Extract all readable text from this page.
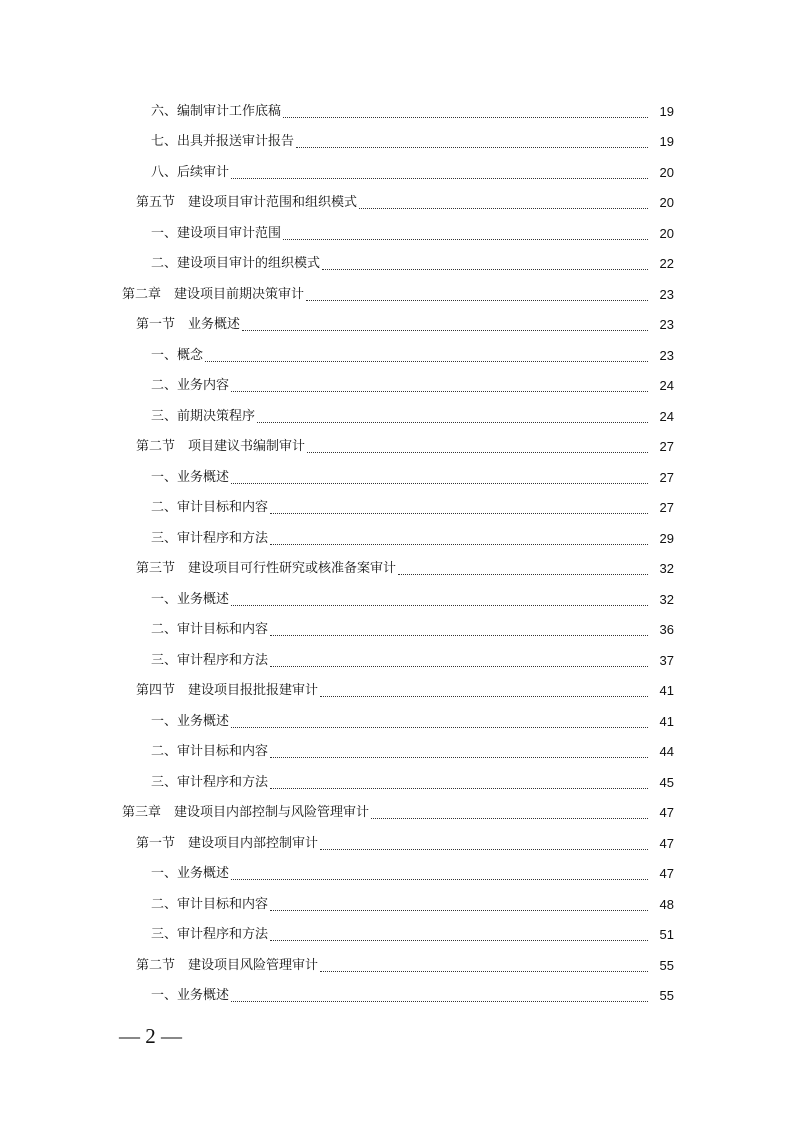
六、编制审计工作底稿	19
七、出具并报送审计报告	19
八、后续审计	20
第五节　建设项目审计范围和组织模式	20
一、建设项目审计范围	20
二、建设项目审计的组织模式	22
第二章　建设项目前期决策审计	23
第一节　业务概述	23
一、概念	23
二、业务内容	24
三、前期决策程序	24
第二节　项目建议书编制审计	27
一、业务概述	27
二、审计目标和内容	27
三、审计程序和方法	29
第三节　建设项目可行性研究或核准备案审计	32
一、业务概述	32
二、审计目标和内容	36
三、审计程序和方法	37
第四节　建设项目报批报建审计	41
一、业务概述	41
二、审计目标和内容	44
三、审计程序和方法	45
第三章　建设项目内部控制与风险管理审计	47
第一节　建设项目内部控制审计	47
一、业务概述	47
二、审计目标和内容	48
三、审计程序和方法	51
第二节　建设项目风险管理审计	55
一、业务概述	55
— 2 —
